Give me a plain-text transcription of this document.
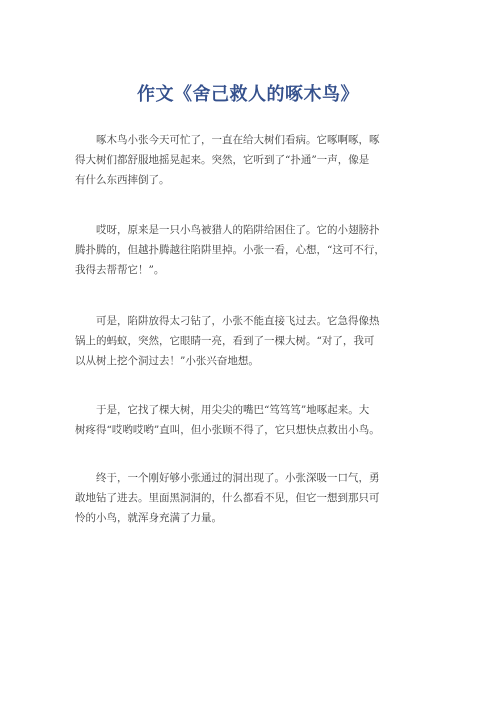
作文《舍己救人的啄木鸟》
啄木鸟小张今天可忙了，一直在给大树们看病。它啄啊啄，啄
得大树们都舒服地摇晃起来。突然，它听到了“扑通”一声，像是
有什么东西摔倒了。
哎呀，原来是一只小鸟被猎人的陷阱给困住了。它的小翅膀扑
腾扑腾的，但越扑腾越往陷阱里掉。小张一看，心想，“这可不行，
我得去帮帮它！”。
可是，陷阱放得太刁钻了，小张不能直接飞过去。它急得像热
锅上的蚂蚁，突然，它眼睛一亮，看到了一棵大树。“对了，我可
以从树上挖个洞过去！”小张兴奋地想。
于是，它找了棵大树，用尖尖的嘴巴“笃笃笃”地啄起来。大
树疼得“哎哟哎哟”直叫，但小张顾不得了，它只想快点救出小鸟。
终于，一个刚好够小张通过的洞出现了。小张深吸一口气，勇
敢地钻了进去。里面黑洞洞的，什么都看不见，但它一想到那只可
怜的小鸟，就浑身充满了力量。
